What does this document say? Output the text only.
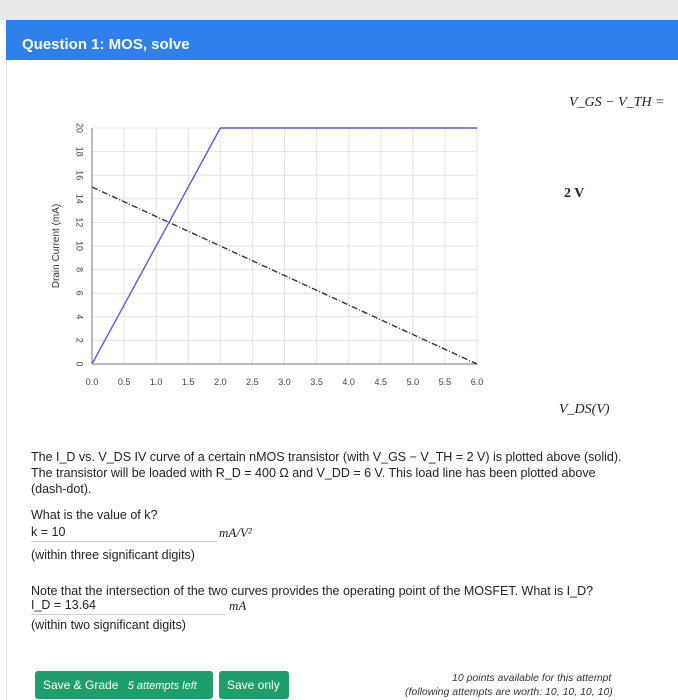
Question 1: MOS, solve
0.0 0.5 1.0 1.5 2.0 2.5 3.0 3.5 4.0 4.5 5.0 5.5 6.0
0
2
4
6
8
10
12
14
16
18
20
Drain Current (mA)
V_GS − V_TH =
2 V
V_DS(V)
The I_D vs. V_DS IV curve of a certain nMOS transistor (with V_GS − V_TH = 2 V) is plotted above (solid).
The transistor will be loaded with R_D = 400 Ω and V_DD = 6 V. This load line has been plotted above
(dash-dot).
What is the value of k?
k = 10	mA/V²
(within three significant digits)
Note that the intersection of the two curves provides the operating point of the MOSFET. What is I_D?
I_D = 13.64	mA
(within two significant digits)
Save & Grade 5 attempts left	Save only	10 points available for this attempt
(following attempts are worth: 10, 10, 10, 10)
